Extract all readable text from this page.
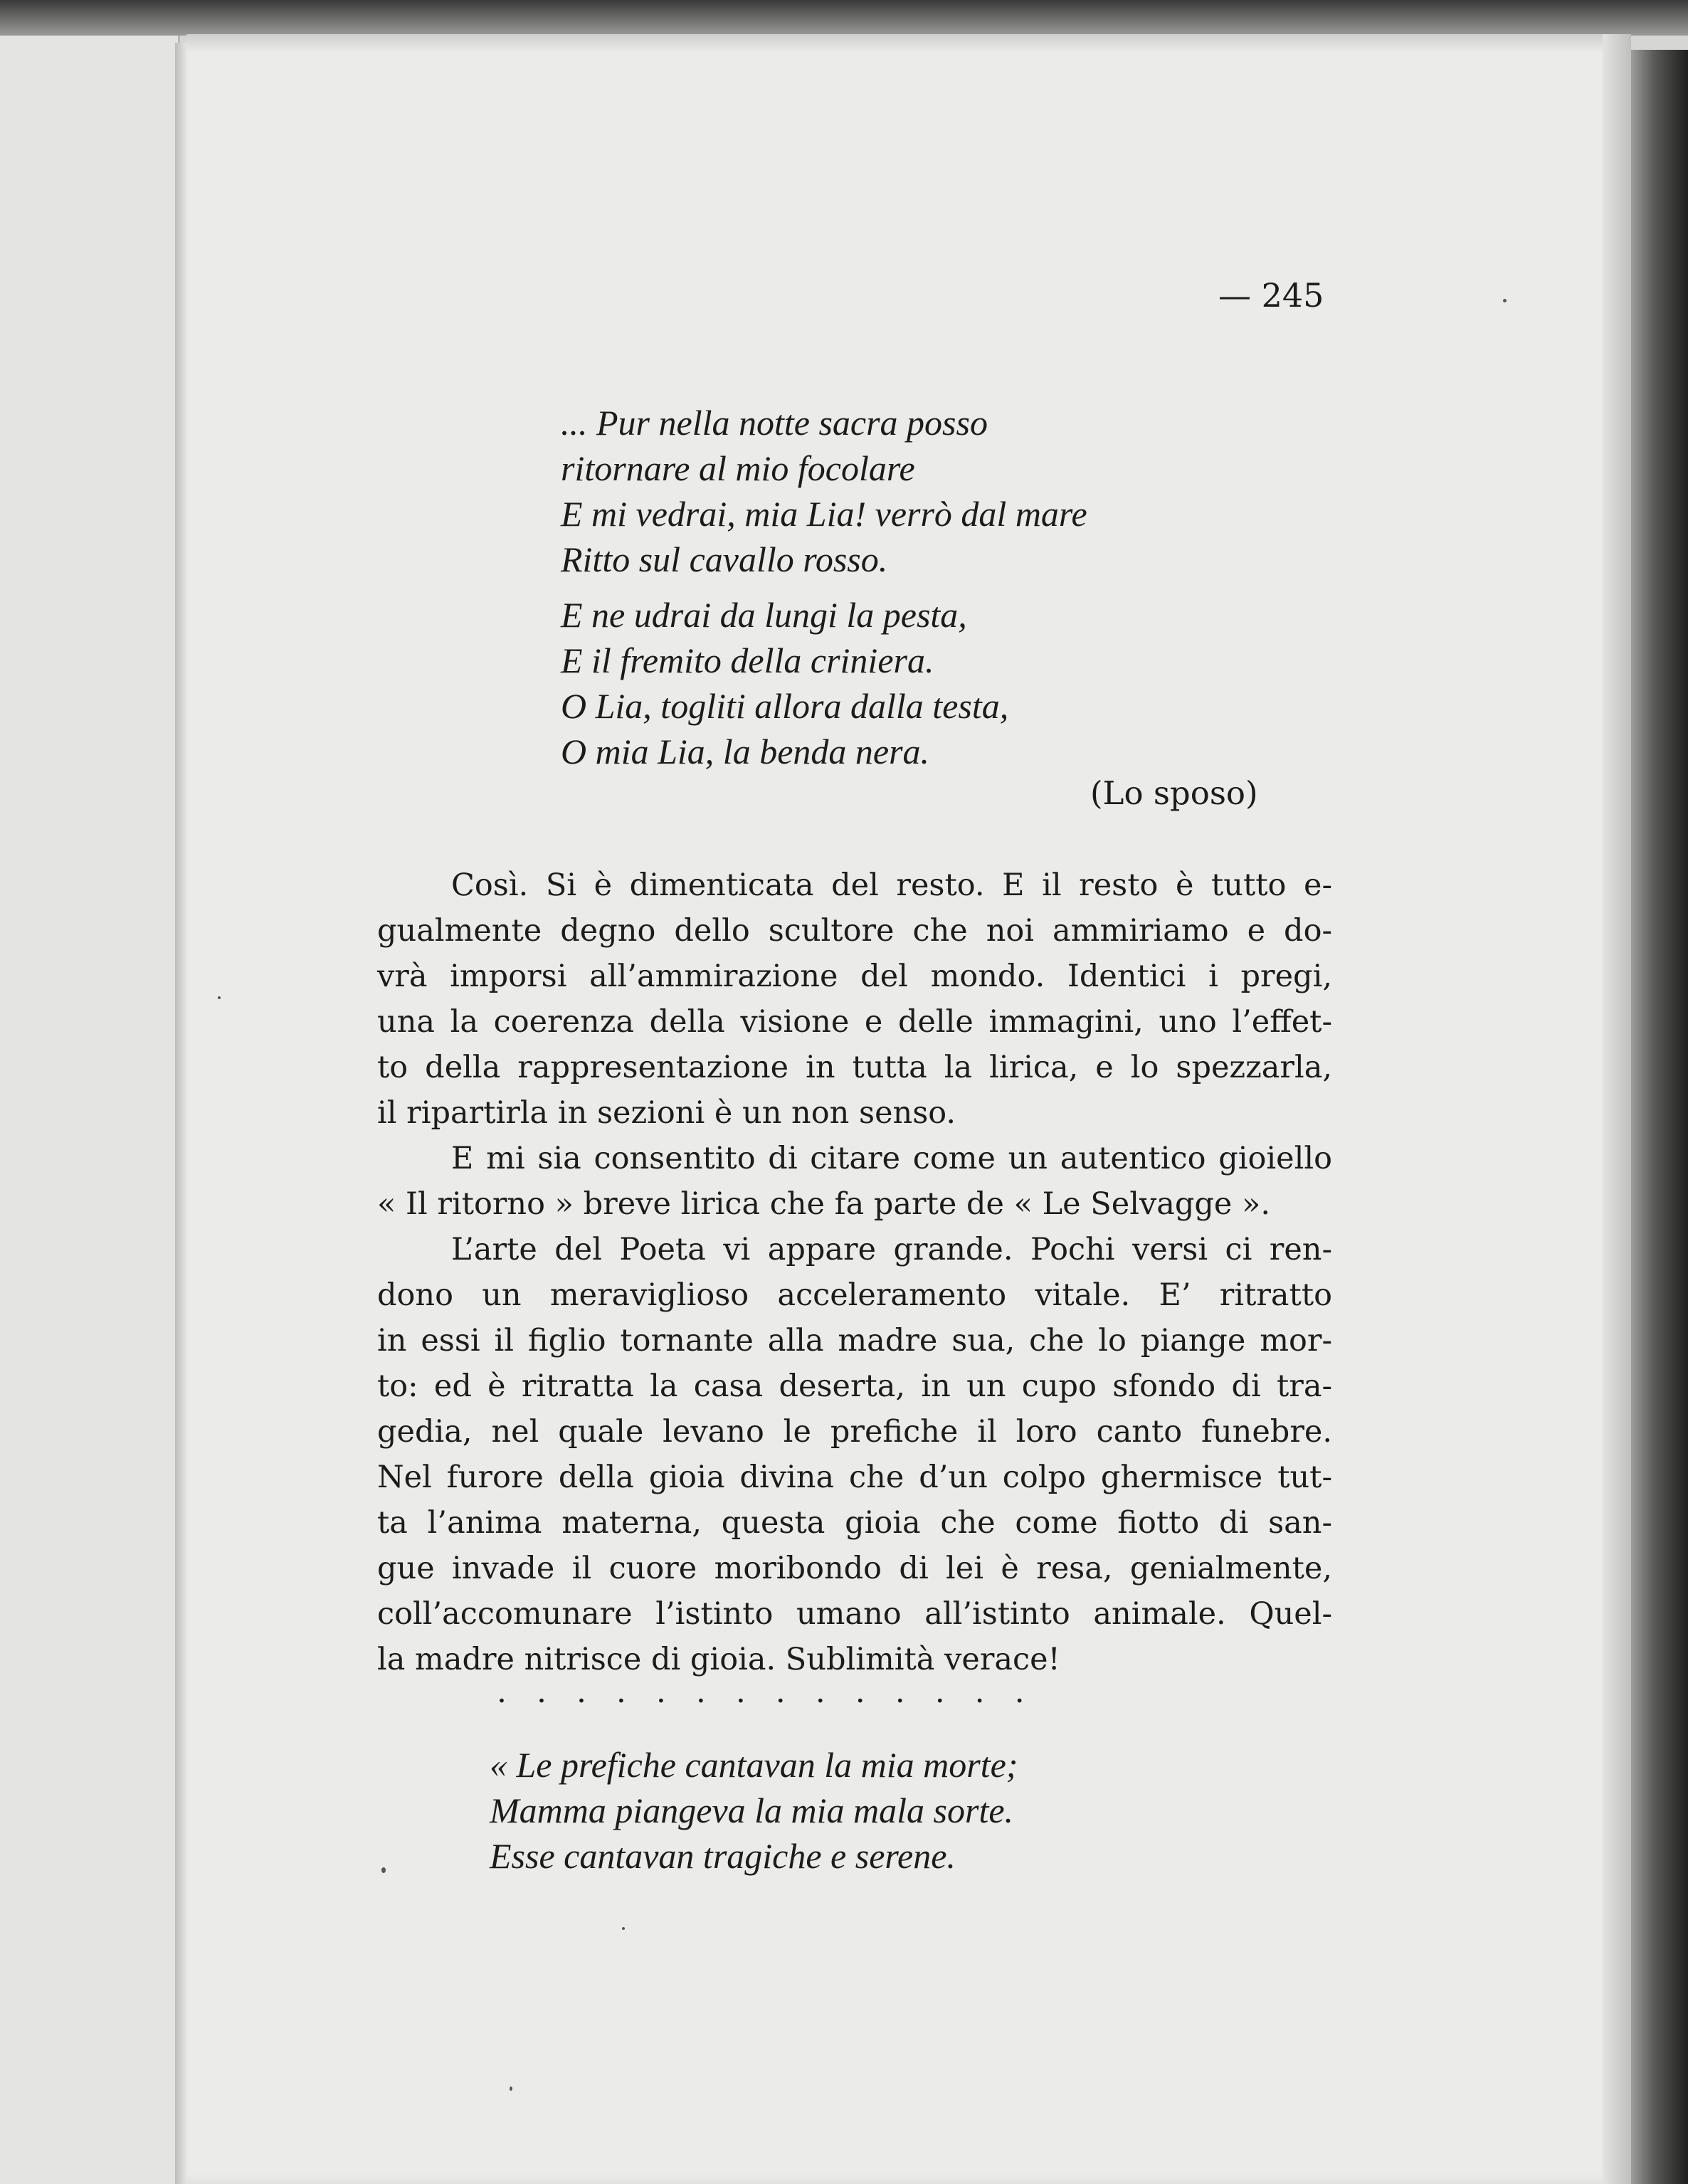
— 245
... Pur nella notte sacra posso
ritornare al mio focolare
E mi vedrai, mia Lia! verrò dal mare
Ritto sul cavallo rosso.
E ne udrai da lungi la pesta,
E il fremito della criniera.
O Lia, togliti allora dalla testa,
O mia Lia, la benda nera.
(Lo sposo)
Così. Si è dimenticata del resto. E il resto è tutto e-
gualmente degno dello scultore che noi ammiriamo e do-
vrà imporsi all’ammirazione del mondo. Identici i pregi,
una la coerenza della visione e delle immagini, uno l’effet-
to della rappresentazione in tutta la lirica, e lo spezzarla,
il ripartirla in sezioni è un non senso.
E mi sia consentito di citare come un autentico gioiello
« Il ritorno » breve lirica che fa parte de « Le Selvagge ».
L’arte del Poeta vi appare grande. Pochi versi ci ren-
dono un meraviglioso acceleramento vitale. E’ ritratto
in essi il figlio tornante alla madre sua, che lo piange mor-
to: ed è ritratta la casa deserta, in un cupo sfondo di tra-
gedia, nel quale levano le prefiche il loro canto funebre.
Nel furore della gioia divina che d’un colpo ghermisce tut-
ta l’anima materna, questa gioia che come fiotto di san-
gue invade il cuore moribondo di lei è resa, genialmente,
coll’accomunare l’istinto umano all’istinto animale. Quel-
la madre nitrisce di gioia. Sublimità verace!
. . . . . . . . . . . . . .
« Le prefiche cantavan la mia morte;
Mamma piangeva la mia mala sorte.
Esse cantavan tragiche e serene.
